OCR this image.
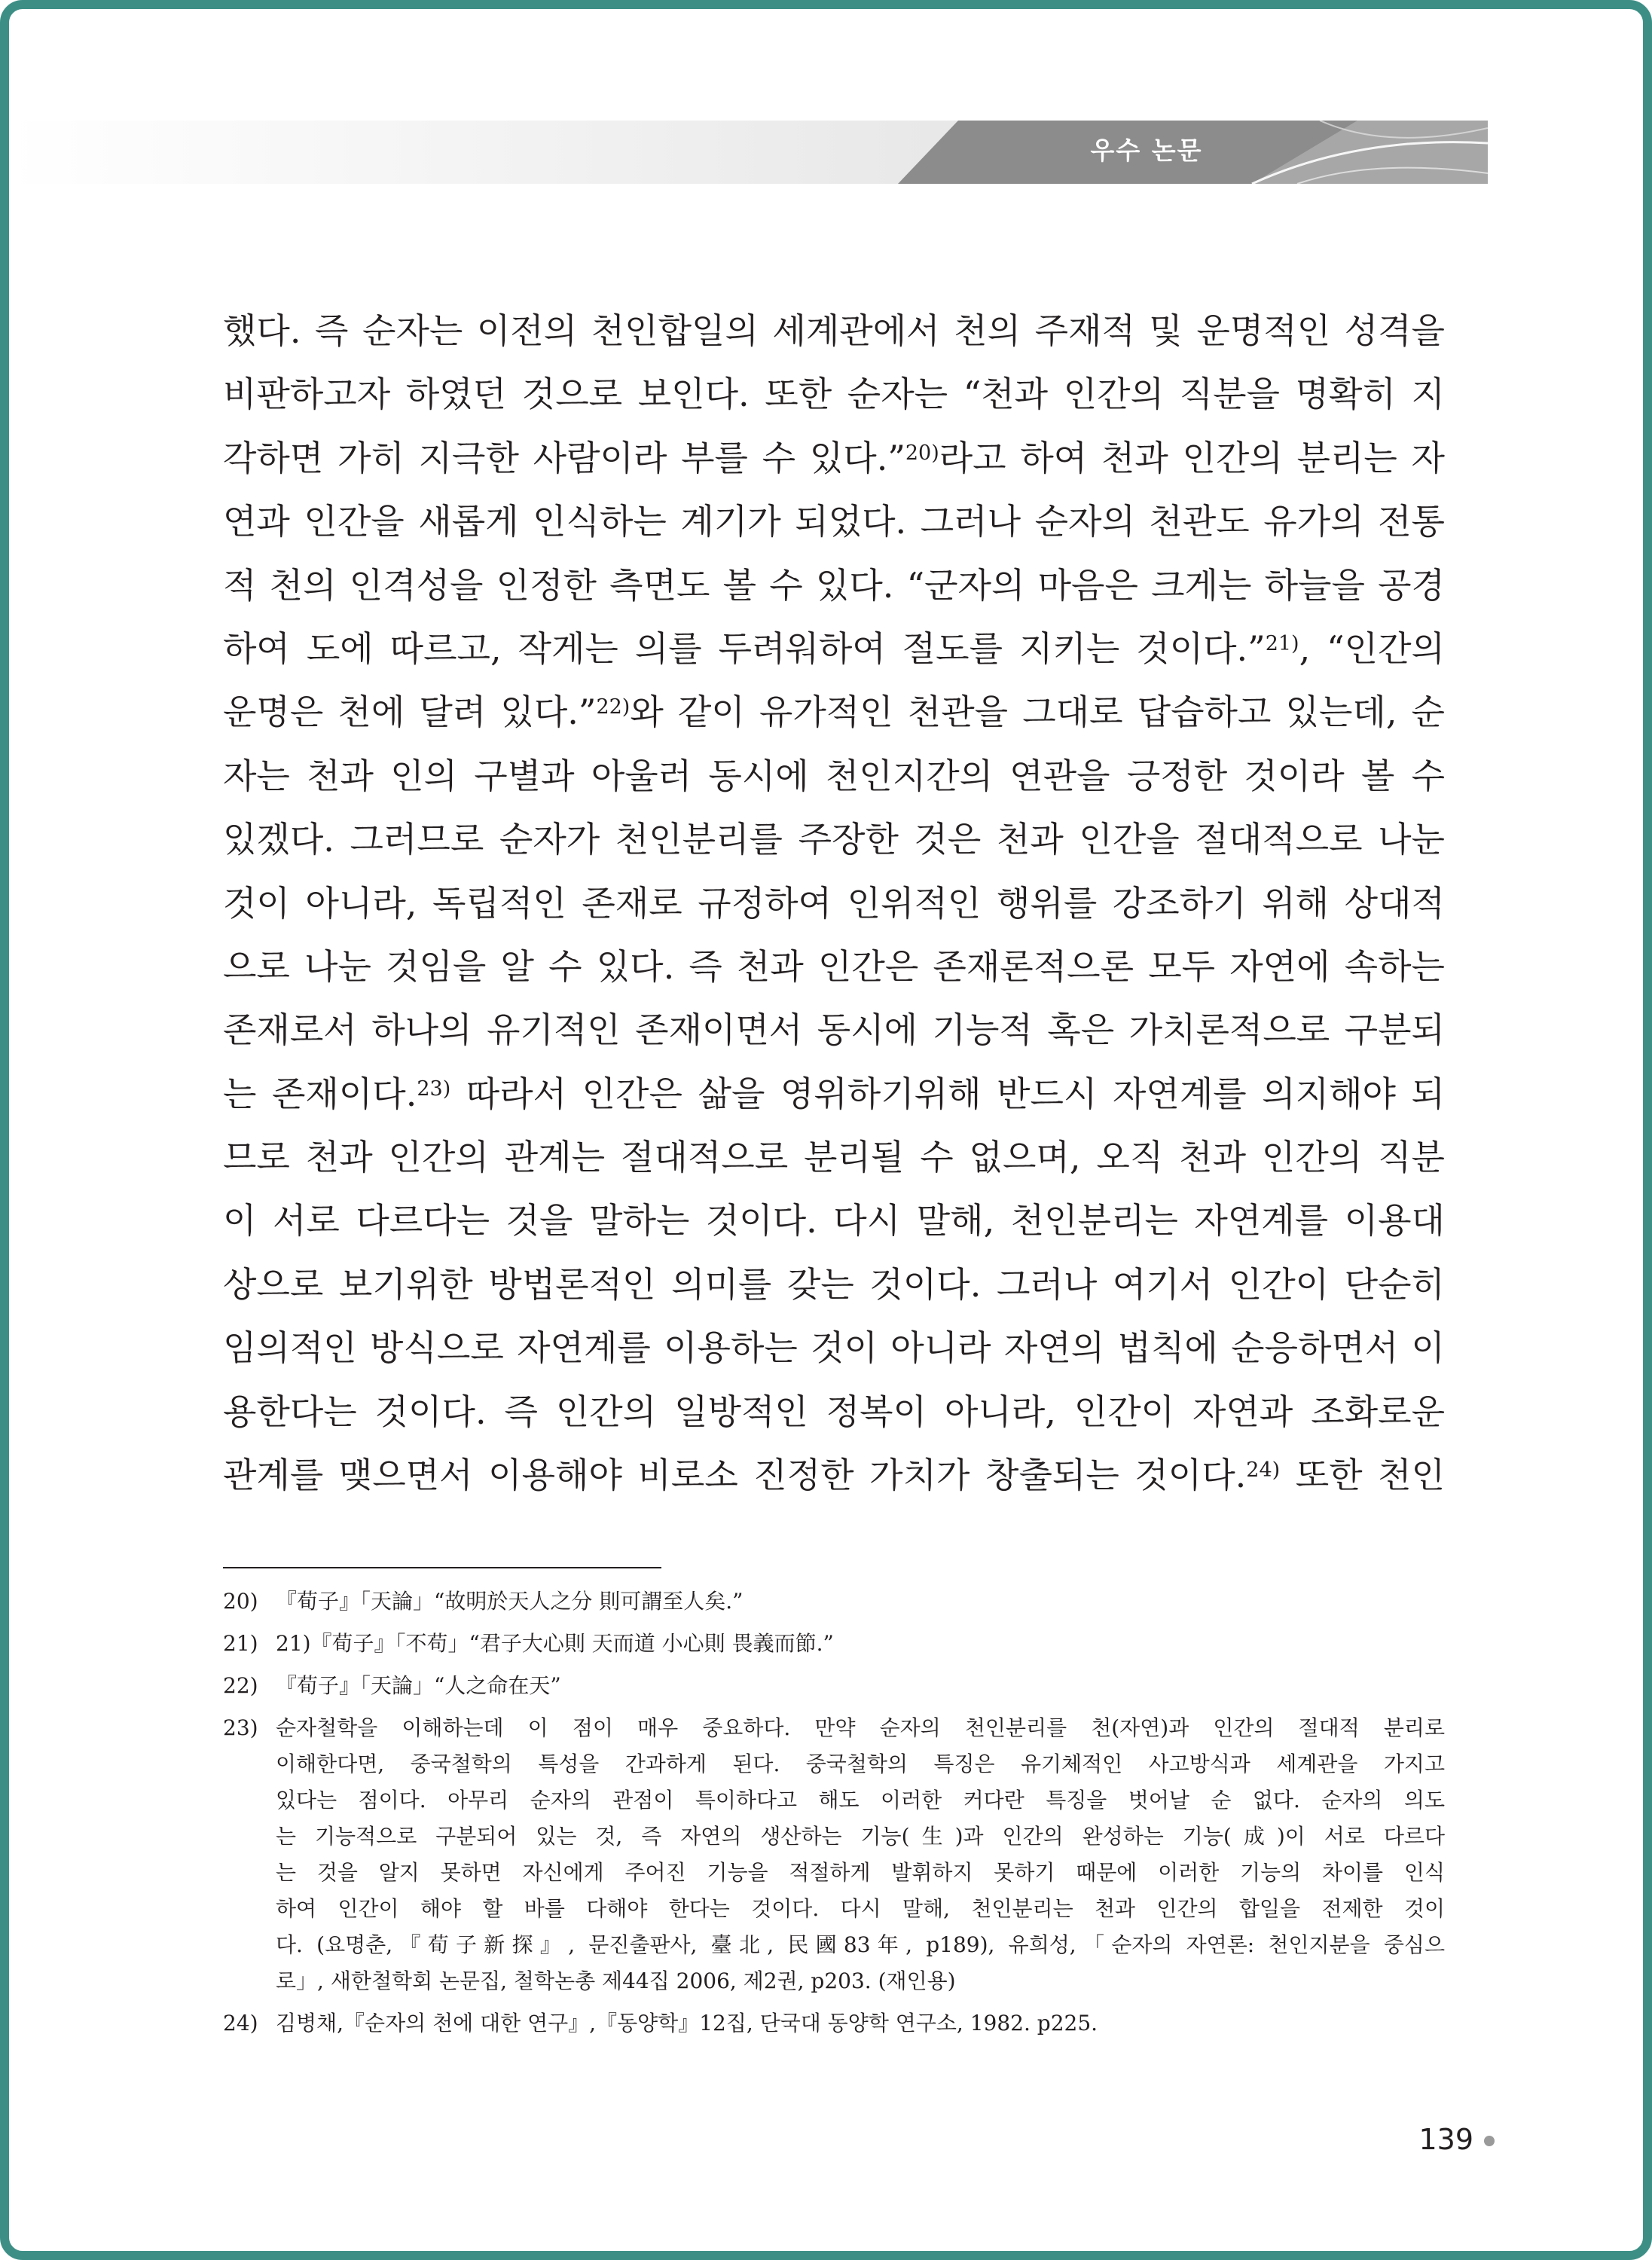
우수 논문
했다. 즉 순자는 이전의 천인합일의 세계관에서 천의 주재적 및 운명적인 성격을
비판하고자 하였던 것으로 보인다. 또한 순자는 “천과 인간의 직분을 명확히 지
각하면 가히 지극한 사람이라 부를 수 있다.”$^{20)}$라고 하여 천과 인간의 분리는 자
연과 인간을 새롭게 인식하는 계기가 되었다. 그러나 순자의 천관도 유가의 전통
적 천의 인격성을 인정한 측면도 볼 수 있다. “군자의 마음은 크게는 하늘을 공경
하여 도에 따르고, 작게는 의를 두려워하여 절도를 지키는 것이다.”$^{21)}$, “인간의
운명은 천에 달려 있다.”$^{22)}$와 같이 유가적인 천관을 그대로 답습하고 있는데, 순
자는 천과 인의 구별과 아울러 동시에 천인지간의 연관을 긍정한 것이라 볼 수
있겠다. 그러므로 순자가 천인분리를 주장한 것은 천과 인간을 절대적으로 나눈
것이 아니라, 독립적인 존재로 규정하여 인위적인 행위를 강조하기 위해 상대적
으로 나눈 것임을 알 수 있다. 즉 천과 인간은 존재론적으론 모두 자연에 속하는
존재로서 하나의 유기적인 존재이면서 동시에 기능적 혹은 가치론적으로 구분되
는 존재이다.$^{23)}$ 따라서 인간은 삶을 영위하기위해 반드시 자연계를 의지해야 되
므로 천과 인간의 관계는 절대적으로 분리될 수 없으며, 오직 천과 인간의 직분
이 서로 다르다는 것을 말하는 것이다. 다시 말해, 천인분리는 자연계를 이용대
상으로 보기위한 방법론적인 의미를 갖는 것이다. 그러나 여기서 인간이 단순히
임의적인 방식으로 자연계를 이용하는 것이 아니라 자연의 법칙에 순응하면서 이
용한다는 것이다. 즉 인간의 일방적인 정복이 아니라, 인간이 자연과 조화로운
관계를 맺으면서 이용해야 비로소 진정한 가치가 창출되는 것이다.$^{24)}$ 또한 천인
20) 『荀子』「天論」“故明於天人之分 則可謂至人矣.”
21) 21)『荀子』「不苟」“君子大心則 天而道 小心則 畏義而節.”
22) 『荀子』「天論」“人之命在天”
23) 순자철학을 이해하는데 이 점이 매우 중요하다. 만약 순자의 천인분리를 천(자연)과 인간의 절대적 분리로
이해한다면, 중국철학의 특성을 간과하게 된다. 중국철학의 특징은 유기체적인 사고방식과 세계관을 가지고
있다는 점이다. 아무리 순자의 관점이 특이하다고 해도 이러한 커다란 특징을 벗어날 순 없다. 순자의 의도
는 기능적으로 구분되어 있는 것, 즉 자연의 생산하는 기능(生)과 인간의 완성하는 기능(成)이 서로 다르다
는 것을 알지 못하면 자신에게 주어진 기능을 적절하게 발휘하지 못하기 때문에 이러한 기능의 차이를 인식
하여 인간이 해야 할 바를 다해야 한다는 것이다. 다시 말해, 천인분리는 천과 인간의 합일을 전제한 것이
다. (요명춘,『荀子新探』, 문진출판사, 臺北, 民國83年, p189), 유희성,「순자의 자연론: 천인지분을 중심으
로」, 새한철학회 논문집, 철학논총 제44집 2006, 제2권, p203. (재인용)
24) 김병채,『순자의 천에 대한 연구』,『동양학』12집, 단국대 동양학 연구소, 1982. p225.
139
